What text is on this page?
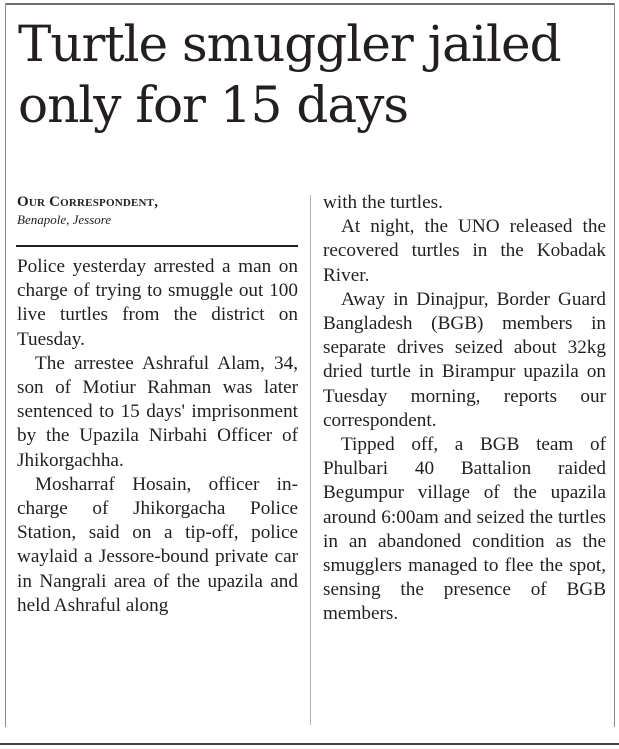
Turtle smuggler jailed
only for 15 days
Our Correspondent,
Benapole, Jessore

Police yesterday arrested a man on charge of trying to smuggle out 100 live turtles from the district on Tuesday.

The arrestee Ashraful Alam, 34, son of Motiur Rahman was later sentenced to 15 days' imprisonment by the Upazila Nirbahi Officer of Jhikorgachha.

Mosharraf Hosain, officer in-charge of Jhikorgacha Police Station, said on a tip-off, police waylaid a Jessore-bound private car in Nangrali area of the upazila and held Ashraful along

with the turtles.

At night, the UNO released the recovered turtles in the Kobadak River.

Away in Dinajpur, Border Guard Bangladesh (BGB) members in separate drives seized about 32kg dried turtle in Birampur upazila on Tuesday morning, reports our correspondent.

Tipped off, a BGB team of Phulbari 40 Battalion raided Begumpur village of the upazila around 6:00am and seized the turtles in an abandoned condition as the smugglers managed to flee the spot, sensing the presence of BGB members.
